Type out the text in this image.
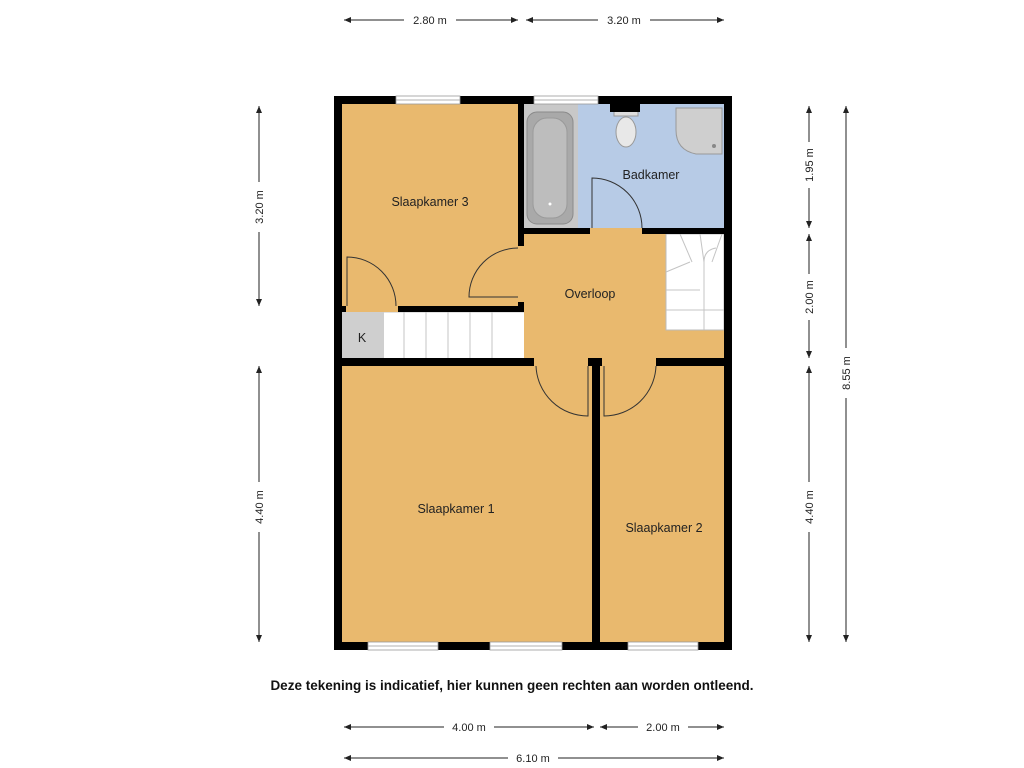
Slaapkamer 3
Badkamer
Overloop
K
Slaapkamer 1
Slaapkamer 2
2.80 m	3.20 m
4.00 m	2.00 m
6.10 m
3.20 m
4.40 m
1.95 m
2.00 m
4.40 m
8.55 m
Deze tekening is indicatief, hier kunnen geen rechten aan worden ontleend.
